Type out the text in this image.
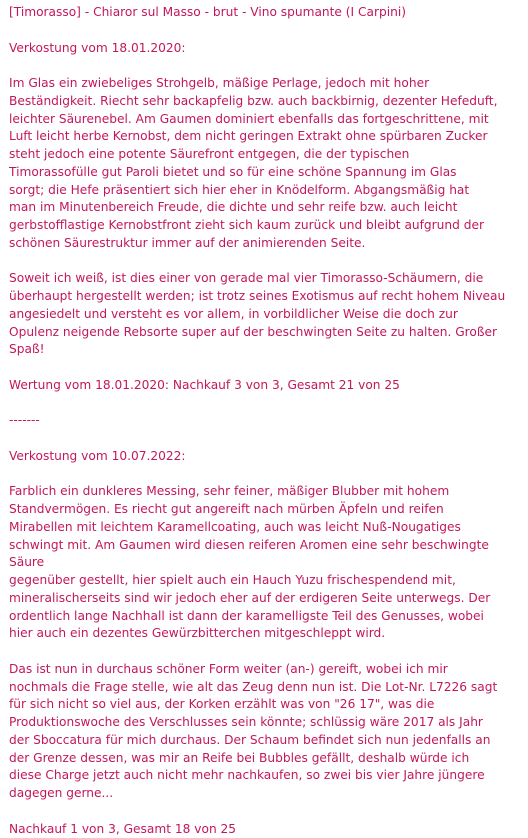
[Timorasso] - Chiaror sul Masso - brut - Vino spumante (I Carpini)

Verkostung vom 18.01.2020:

Im Glas ein zwiebeliges Strohgelb, mäßige Perlage, jedoch mit hoher
Beständigkeit. Riecht sehr backapfelig bzw. auch backbirnig, dezenter Hefeduft,
leichter Säurenebel. Am Gaumen dominiert ebenfalls das fortgeschrittene, mit
Luft leicht herbe Kernobst, dem nicht geringen Extrakt ohne spürbaren Zucker
steht jedoch eine potente Säurefront entgegen, die der typischen
Timorassofülle gut Paroli bietet und so für eine schöne Spannung im Glas
sorgt; die Hefe präsentiert sich hier eher in Knödelform. Abgangsmäßig hat
man im Minutenbereich Freude, die dichte und sehr reife bzw. auch leicht
gerbstofflastige Kernobstfront zieht sich kaum zurück und bleibt aufgrund der
schönen Säurestruktur immer auf der animierenden Seite.

Soweit ich weiß, ist dies einer von gerade mal vier Timorasso-Schäumern, die
überhaupt hergestellt werden; ist trotz seines Exotismus auf recht hohem Niveau
angesiedelt und versteht es vor allem, in vorbildlicher Weise die doch zur
Opulenz neigende Rebsorte super auf der beschwingten Seite zu halten. Großer
Spaß!

Wertung vom 18.01.2020: Nachkauf 3 von 3, Gesamt 21 von 25

-------

Verkostung vom 10.07.2022:

Farblich ein dunkleres Messing, sehr feiner, mäßiger Blubber mit hohem
Standvermögen. Es riecht gut angereift nach mürben Äpfeln und reifen
Mirabellen mit leichtem Karamellcoating, auch was leicht Nuß-Nougatiges
schwingt mit. Am Gaumen wird diesen reiferen Aromen eine sehr beschwingte Säure
gegenüber gestellt, hier spielt auch ein Hauch Yuzu frischespendend mit,
mineralischerseits sind wir jedoch eher auf der erdigeren Seite unterwegs. Der
ordentlich lange Nachhall ist dann der karamelligste Teil des Genusses, wobei
hier auch ein dezentes Gewürzbitterchen mitgeschleppt wird.

Das ist nun in durchaus schöner Form weiter (an-) gereift, wobei ich mir
nochmals die Frage stelle, wie alt das Zeug denn nun ist. Die Lot-Nr. L7226 sagt
für sich nicht so viel aus, der Korken erzählt was von "26 17", was die
Produktionswoche des Verschlusses sein könnte; schlüssig wäre 2017 als Jahr
der Sboccatura für mich durchaus. Der Schaum befindet sich nun jedenfalls an
der Grenze dessen, was mir an Reife bei Bubbles gefällt, deshalb würde ich
diese Charge jetzt auch nicht mehr nachkaufen, so zwei bis vier Jahre jüngere
dagegen gerne...

Nachkauf 1 von 3, Gesamt 18 von 25
